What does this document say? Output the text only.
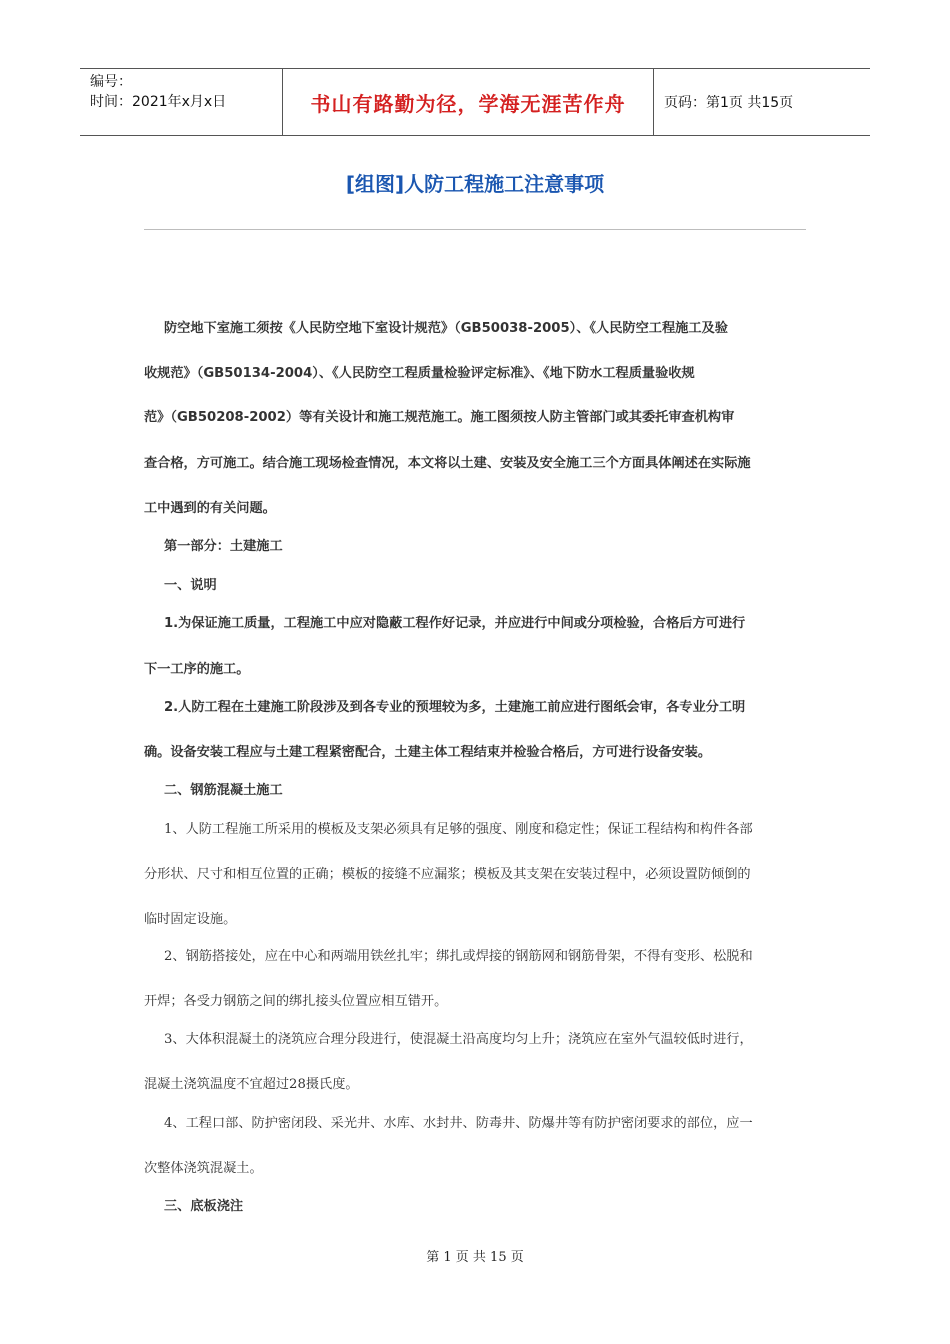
编号：
时间：2021年x月x日	书山有路勤为径，学海无涯苦作舟	页码：第1页 共15页
[组图]人防工程施工注意事项
防空地下室施工须按《人民防空地下室设计规范》（GB50038-2005）、《人民防空工程施工及验
收规范》（GB50134-2004）、《人民防空工程质量检验评定标准》、《地下防水工程质量验收规
范》（GB50208-2002）等有关设计和施工规范施工。施工图须按人防主管部门或其委托审查机构审
查合格，方可施工。结合施工现场检查情况，本文将以土建、安装及安全施工三个方面具体阐述在实际施
工中遇到的有关问题。
第一部分：土建施工
一、说明
1.为保证施工质量，工程施工中应对隐蔽工程作好记录，并应进行中间或分项检验，合格后方可进行
下一工序的施工。
2.人防工程在土建施工阶段涉及到各专业的预埋较为多，土建施工前应进行图纸会审，各专业分工明
确。设备安装工程应与土建工程紧密配合，土建主体工程结束并检验合格后，方可进行设备安装。
二、钢筋混凝土施工
1、人防工程施工所采用的模板及支架必须具有足够的强度、刚度和稳定性；保证工程结构和构件各部
分形状、尺寸和相互位置的正确；模板的接缝不应漏浆；模板及其支架在安装过程中，必须设置防倾倒的
临时固定设施。
2、钢筋搭接处，应在中心和两端用铁丝扎牢；绑扎或焊接的钢筋网和钢筋骨架，不得有变形、松脱和
开焊；各受力钢筋之间的绑扎接头位置应相互错开。
3、大体积混凝土的浇筑应合理分段进行，使混凝土沿高度均匀上升；浇筑应在室外气温较低时进行，
混凝土浇筑温度不宜超过28摄氏度。
4、工程口部、防护密闭段、采光井、水库、水封井、防毒井、防爆井等有防护密闭要求的部位，应一
次整体浇筑混凝土。
三、底板浇注
第 1 页 共 15 页
